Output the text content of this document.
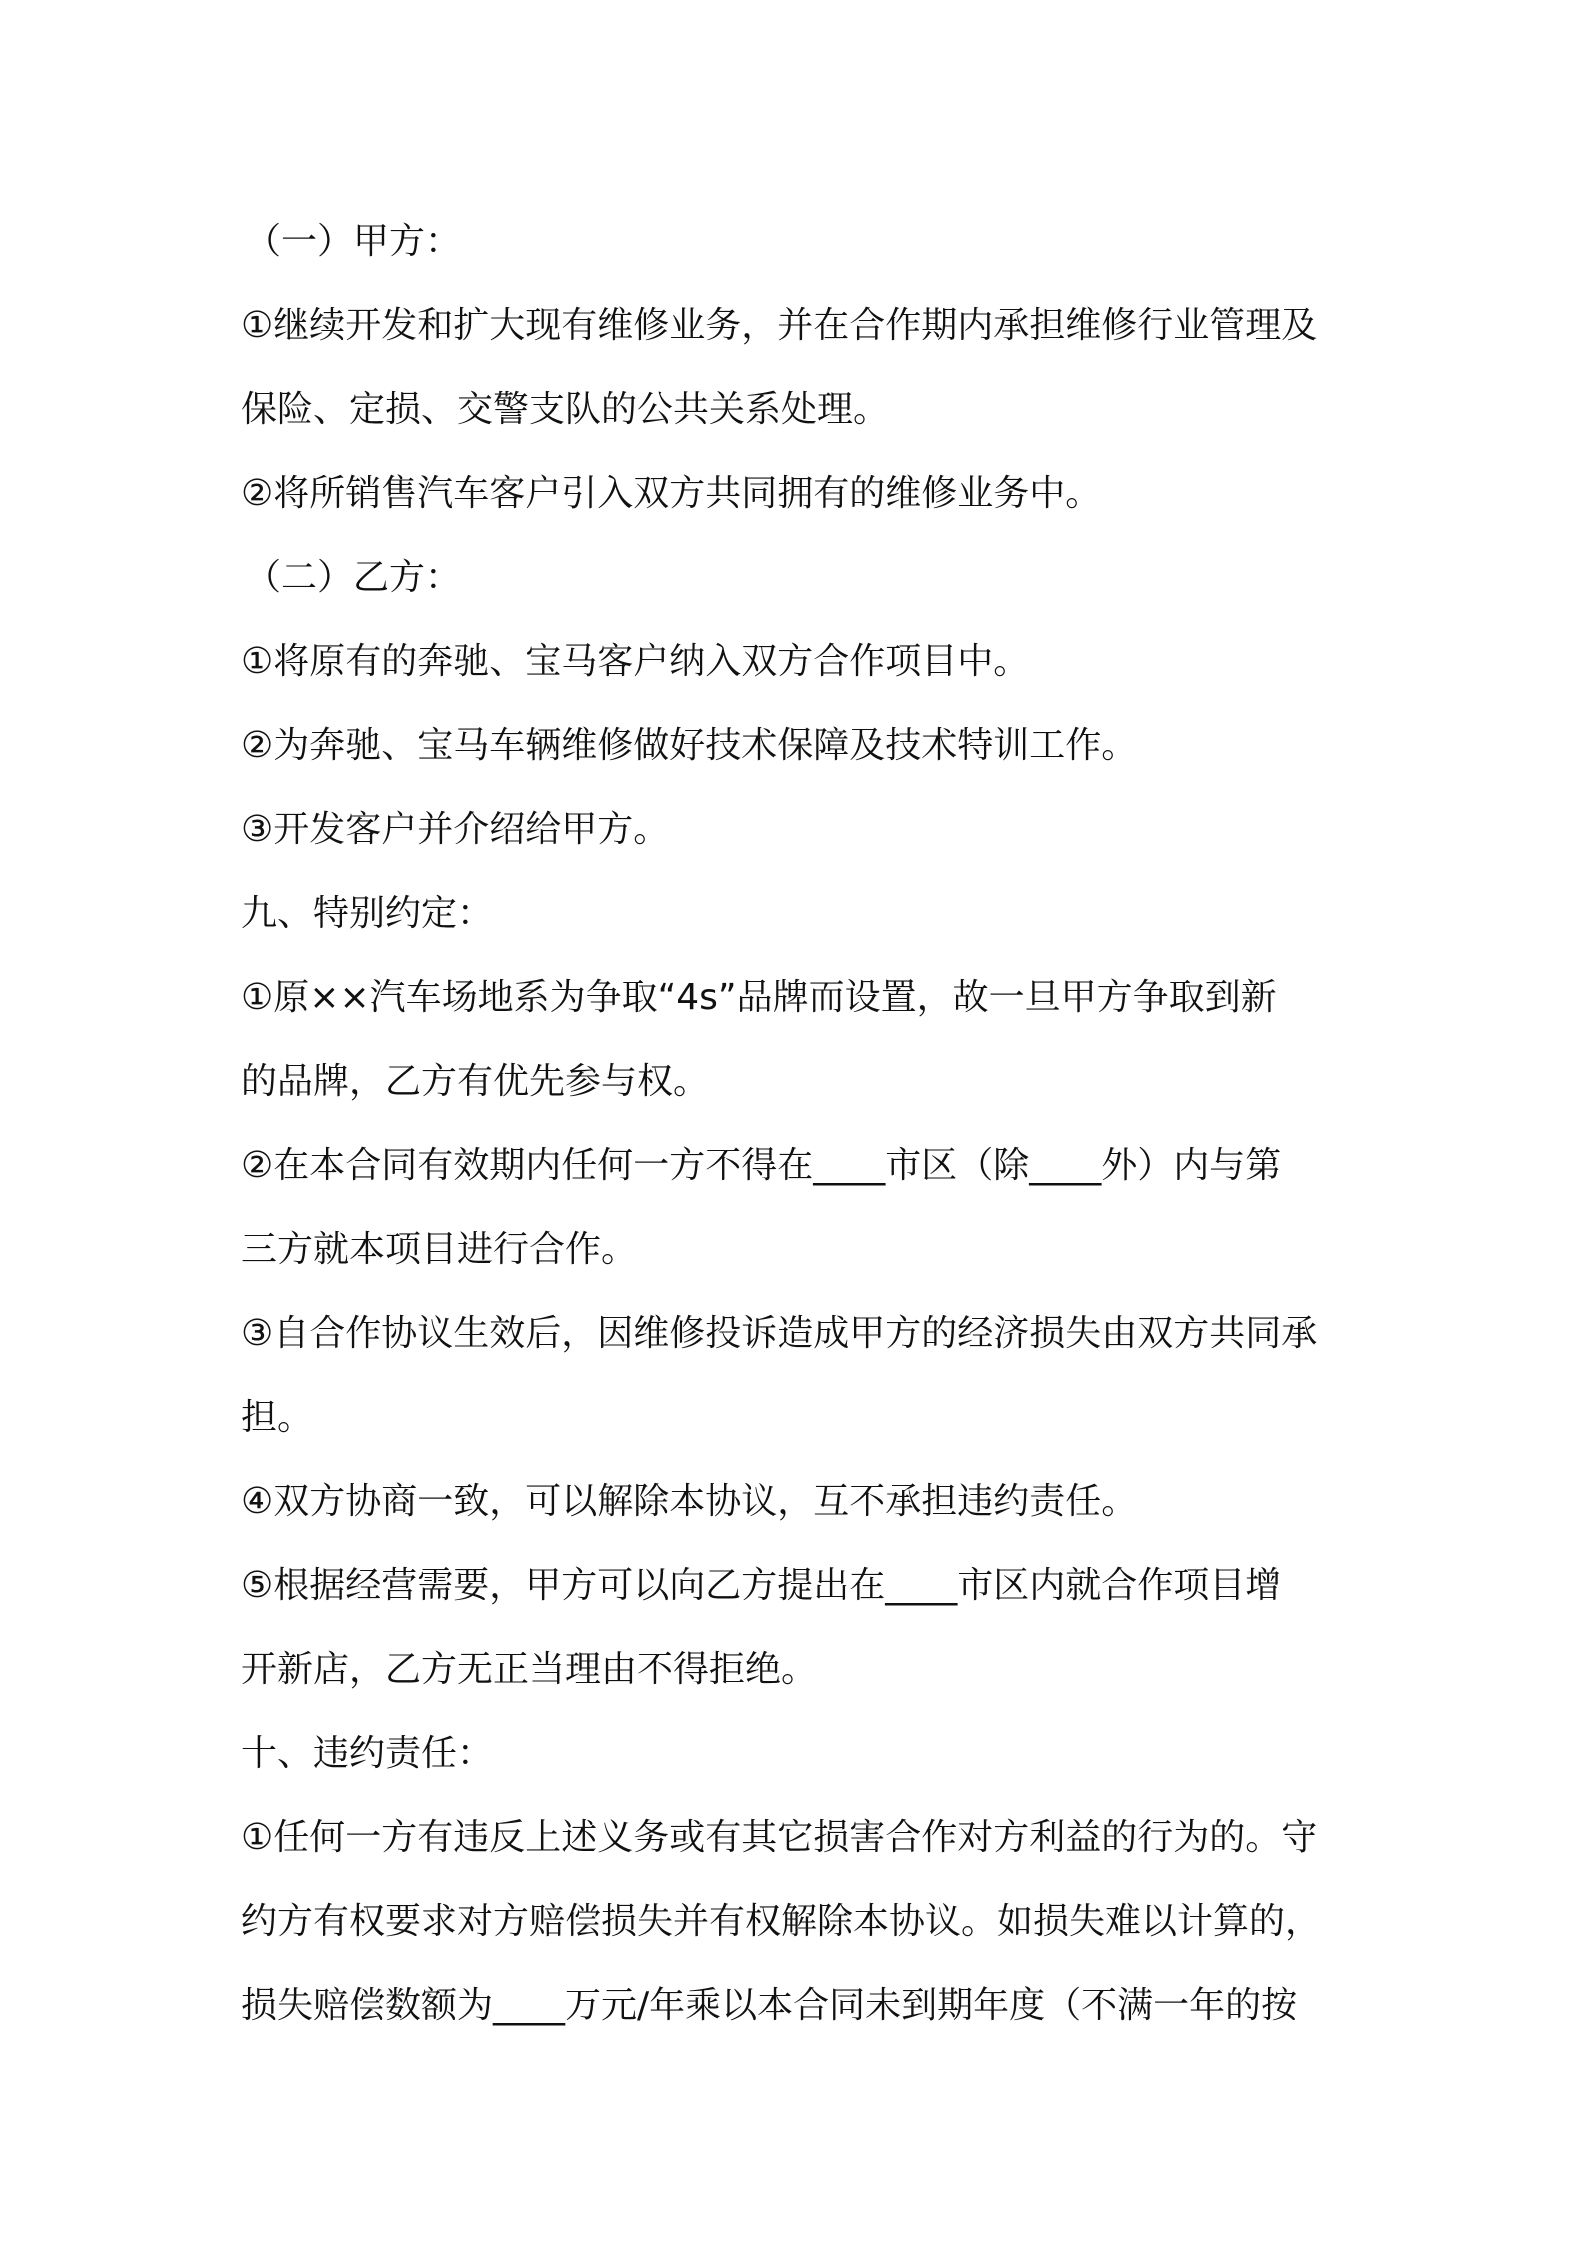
（一）甲方：
①继续开发和扩大现有维修业务，并在合作期内承担维修行业管理及
保险、定损、交警支队的公共关系处理。
②将所销售汽车客户引入双方共同拥有的维修业务中。
（二）乙方：
①将原有的奔驰、宝马客户纳入双方合作项目中。
②为奔驰、宝马车辆维修做好技术保障及技术特训工作。
③开发客户并介绍给甲方。
九、特别约定：
①原××汽车场地系为争取“4s”品牌而设置，故一旦甲方争取到新
的品牌，乙方有优先参与权。
②在本合同有效期内任何一方不得在____市区（除____外）内与第
三方就本项目进行合作。
③自合作协议生效后，因维修投诉造成甲方的经济损失由双方共同承
担。
④双方协商一致，可以解除本协议，互不承担违约责任。
⑤根据经营需要，甲方可以向乙方提出在____市区内就合作项目增
开新店，乙方无正当理由不得拒绝。
十、违约责任：
①任何一方有违反上述义务或有其它损害合作对方利益的行为的。守
约方有权要求对方赔偿损失并有权解除本协议。如损失难以计算的，
损失赔偿数额为____万元/年乘以本合同未到期年度（不满一年的按
